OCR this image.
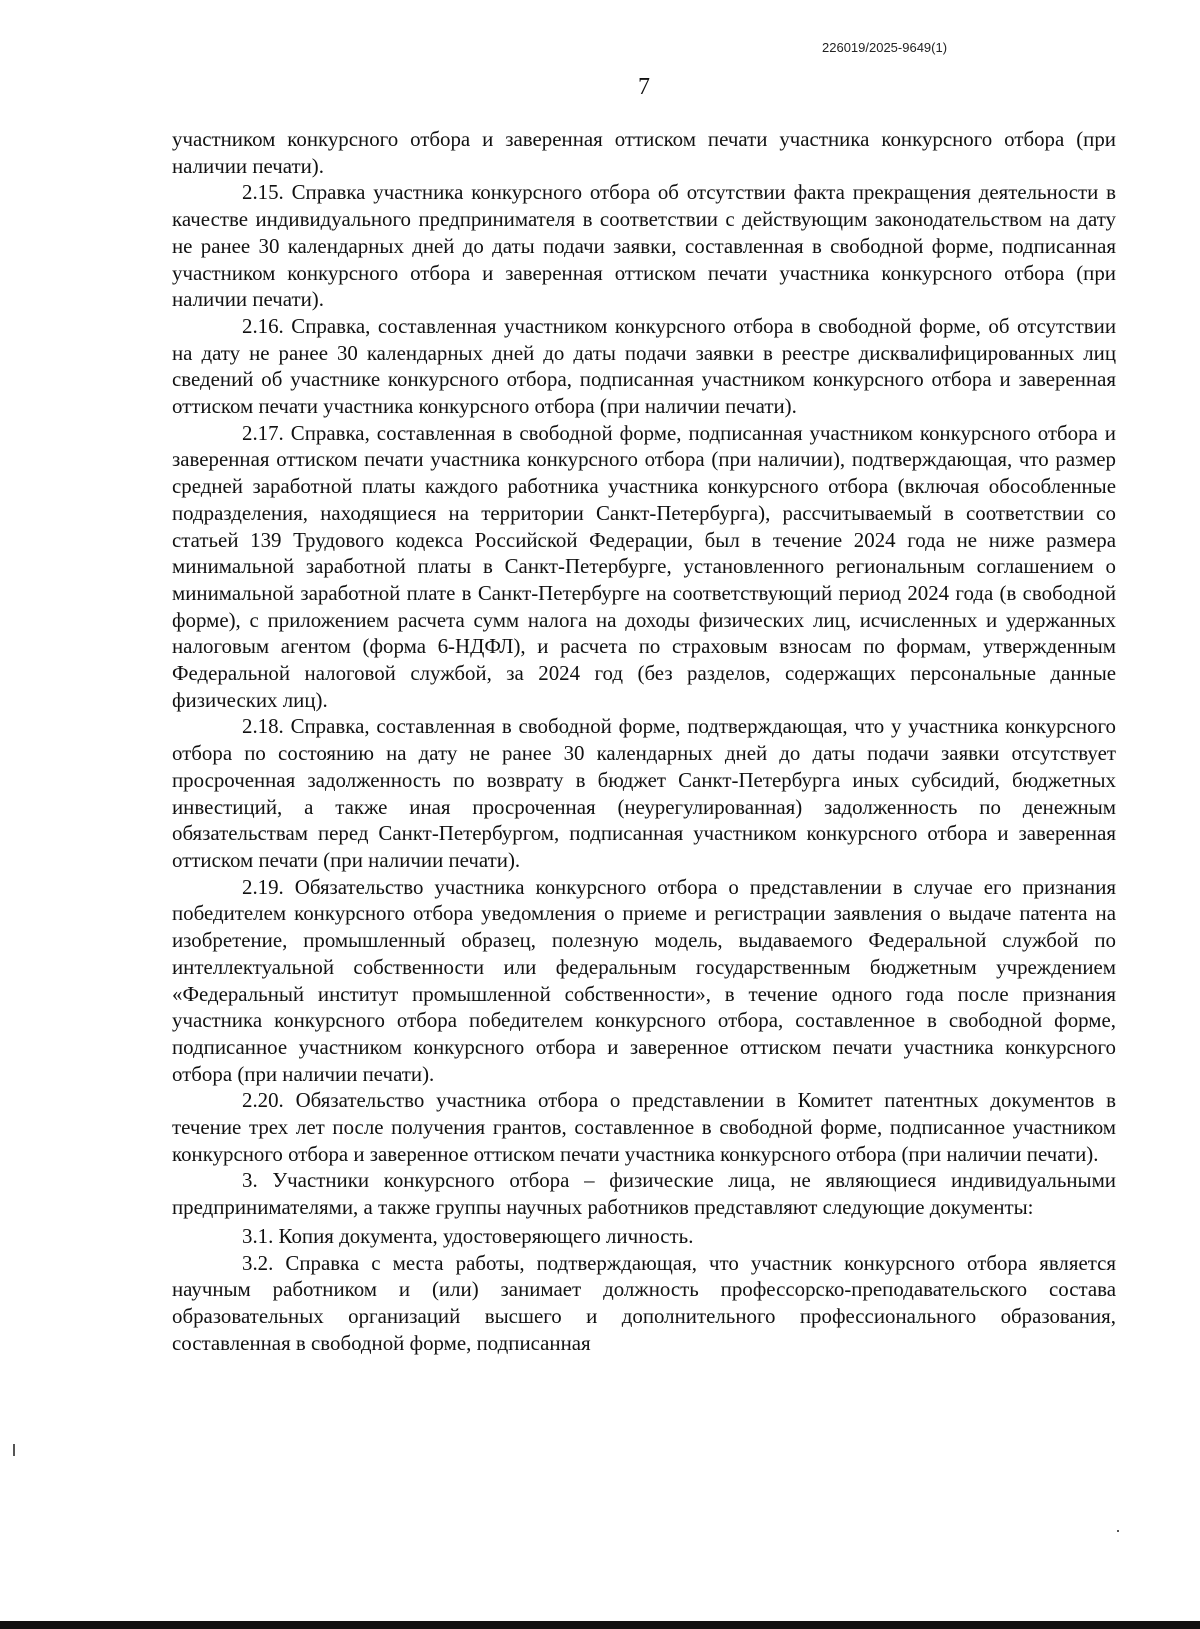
226019/2025-9649(1)
7

участником конкурсного отбора и заверенная оттиском печати участника конкурсного отбора (при наличии печати).

2.15. Справка участника конкурсного отбора об отсутствии факта прекращения деятельности в качестве индивидуального предпринимателя в соответствии с действующим законодательством на дату не ранее 30 календарных дней до даты подачи заявки, составленная в свободной форме, подписанная участником конкурсного отбора и заверенная оттиском печати участника конкурсного отбора (при наличии печати).

2.16. Справка, составленная участником конкурсного отбора в свободной форме, об отсутствии на дату не ранее 30 календарных дней до даты подачи заявки в реестре дисквалифицированных лиц сведений об участнике конкурсного отбора, подписанная участником конкурсного отбора и заверенная оттиском печати участника конкурсного отбора (при наличии печати).

2.17. Справка, составленная в свободной форме, подписанная участником конкурсного отбора и заверенная оттиском печати участника конкурсного отбора (при наличии), подтверждающая, что размер средней заработной платы каждого работника участника конкурсного отбора (включая обособленные подразделения, находящиеся на территории Санкт-Петербурга), рассчитываемый в соответствии со статьей 139 Трудового кодекса Российской Федерации, был в течение 2024 года не ниже размера минимальной заработной платы в Санкт-Петербурге, установленного региональным соглашением о минимальной заработной плате в Санкт-Петербурге на соответствующий период 2024 года (в свободной форме), с приложением расчета сумм налога на доходы физических лиц, исчисленных и удержанных налоговым агентом (форма 6-НДФЛ), и расчета по страховым взносам по формам, утвержденным Федеральной налоговой службой, за 2024 год (без разделов, содержащих персональные данные физических лиц).

2.18. Справка, составленная в свободной форме, подтверждающая, что у участника конкурсного отбора по состоянию на дату не ранее 30 календарных дней до даты подачи заявки отсутствует просроченная задолженность по возврату в бюджет Санкт-Петербурга иных субсидий, бюджетных инвестиций, а также иная просроченная (неурегулированная) задолженность по денежным обязательствам перед Санкт-Петербургом, подписанная участником конкурсного отбора и заверенная оттиском печати (при наличии печати).

2.19. Обязательство участника конкурсного отбора о представлении в случае его признания победителем конкурсного отбора уведомления о приеме и регистрации заявления о выдаче патента на изобретение, промышленный образец, полезную модель, выдаваемого Федеральной службой по интеллектуальной собственности или федеральным государственным бюджетным учреждением «Федеральный институт промышленной собственности», в течение одного года после признания участника конкурсного отбора победителем конкурсного отбора, составленное в свободной форме, подписанное участником конкурсного отбора и заверенное оттиском печати участника конкурсного отбора (при наличии печати).

2.20. Обязательство участника отбора о представлении в Комитет патентных документов в течение трех лет после получения грантов, составленное в свободной форме, подписанное участником конкурсного отбора и заверенное оттиском печати участника конкурсного отбора (при наличии печати).

3. Участники конкурсного отбора – физические лица, не являющиеся индивидуальными предпринимателями, а также группы научных работников представляют следующие документы:

3.1. Копия документа, удостоверяющего личность.

3.2. Справка с места работы, подтверждающая, что участник конкурсного отбора является научным работником и (или) занимает должность профессорско-преподавательского состава образовательных организаций высшего и дополнительного профессионального образования, составленная в свободной форме, подписанная
